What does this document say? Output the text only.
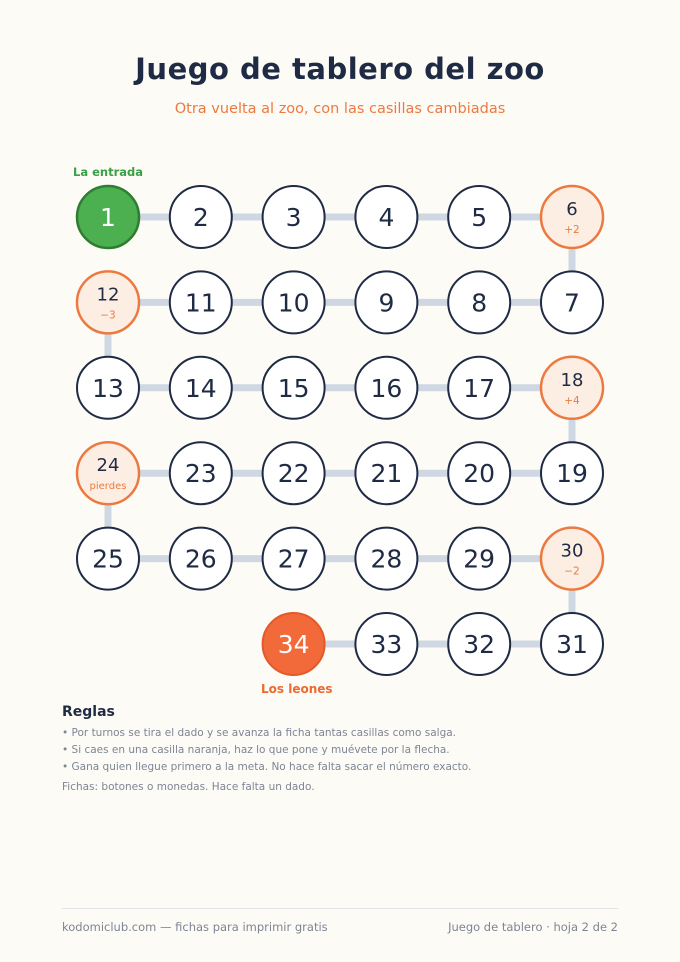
Juego de tablero del zoo
Otra vuelta al zoo, con las casillas cambiadas
1	2	3	4	5	6
+2
12
−3	11 10	9	8	7
13 14 15 16 17	18
+4
24
pierdes 23 22 21 20 19
25 26 27 28 29	30
−2
34 33 32 31
La entrada
Los leones
Reglas
• Por turnos se tira el dado y se avanza la ficha tantas casillas como salga.
• Si caes en una casilla naranja, haz lo que pone y muévete por la flecha.
• Gana quien llegue primero a la meta. No hace falta sacar el número exacto.
Fichas: botones o monedas. Hace falta un dado.
kodomiclub.com — fichas para imprimir gratis	Juego de tablero · hoja 2 de 2
